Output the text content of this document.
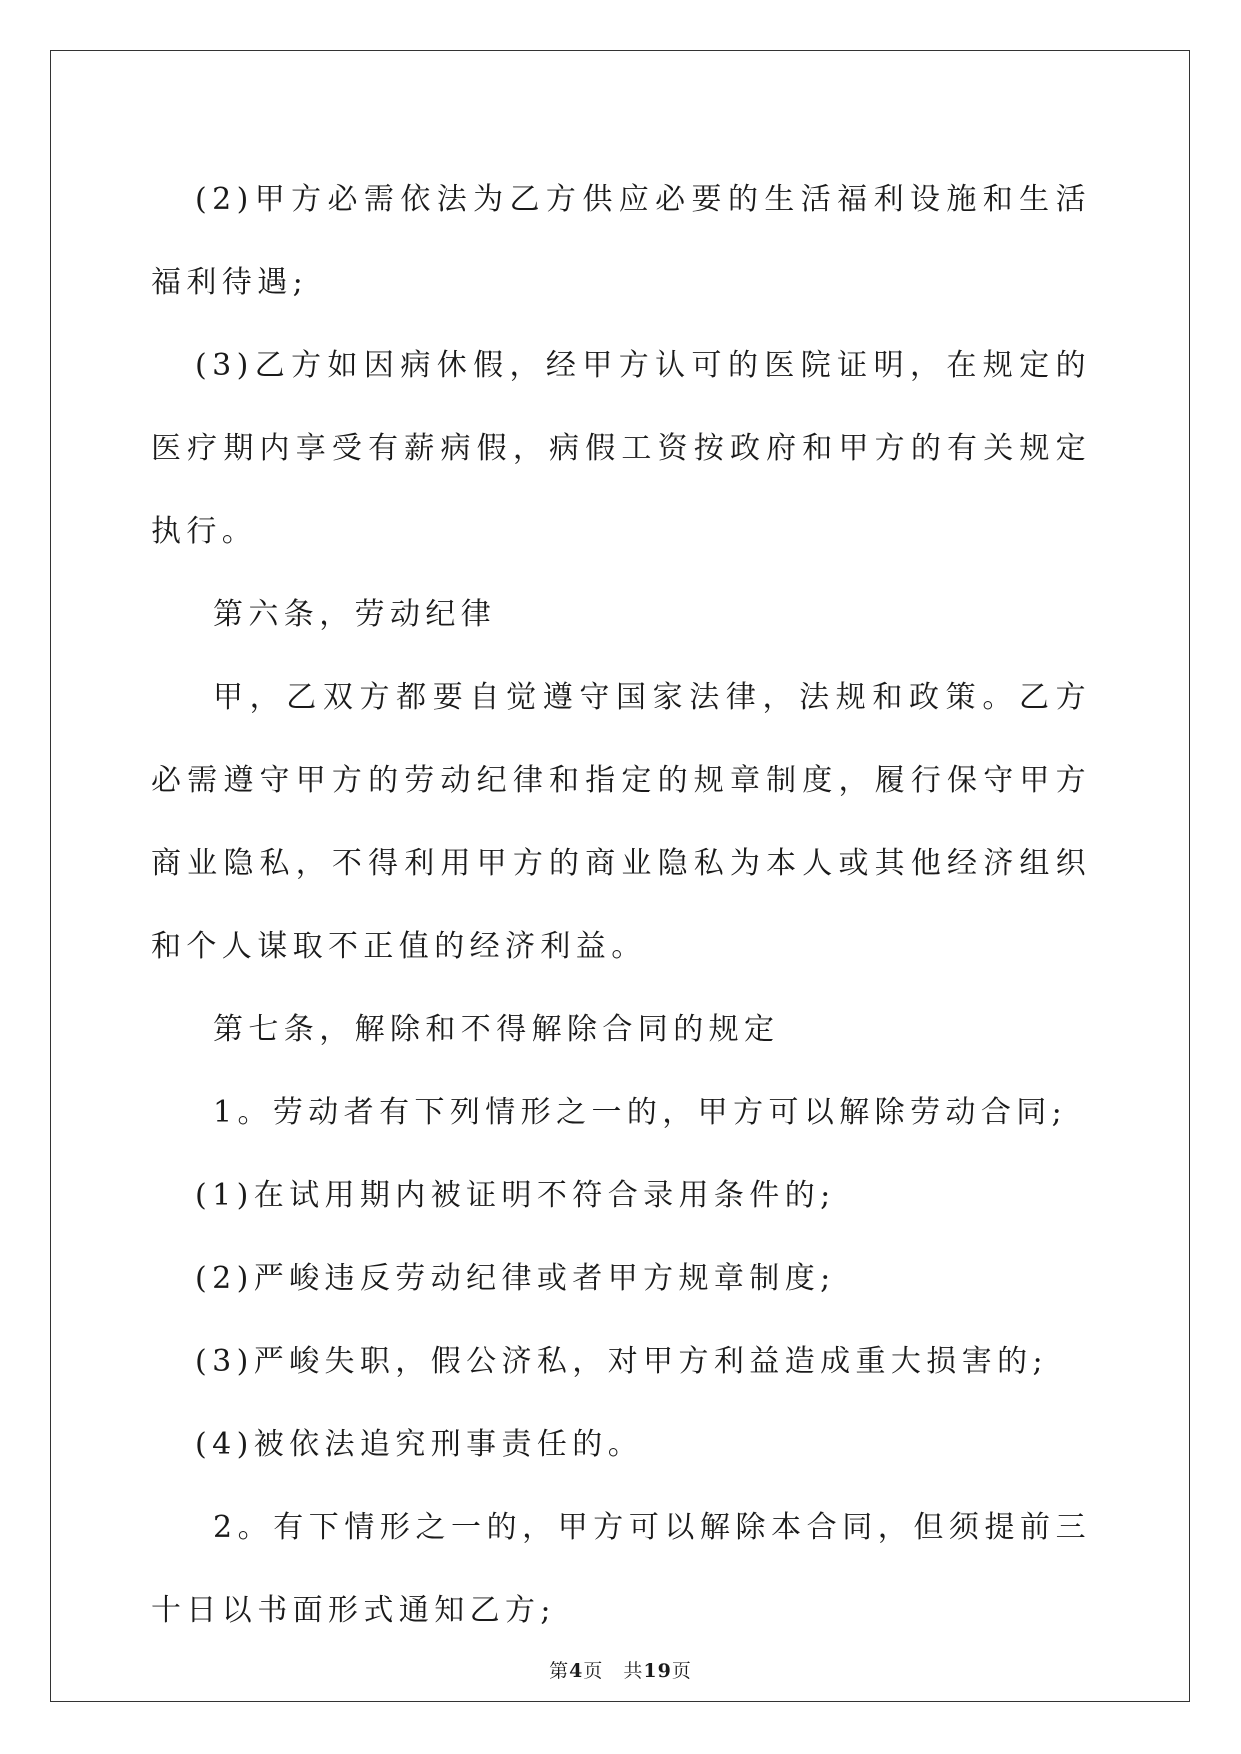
(2)甲方必需依法为乙方供应必要的生活福利设施和生活福利待遇;

(3)乙方如因病休假，经甲方认可的医院证明，在规定的医疗期内享受有薪病假，病假工资按政府和甲方的有关规定执行。

第六条，劳动纪律

甲，乙双方都要自觉遵守国家法律，法规和政策。乙方必需遵守甲方的劳动纪律和指定的规章制度，履行保守甲方商业隐私，不得利用甲方的商业隐私为本人或其他经济组织和个人谋取不正值的经济利益。

第七条，解除和不得解除合同的规定

1。劳动者有下列情形之一的，甲方可以解除劳动合同;

(1)在试用期内被证明不符合录用条件的;

(2)严峻违反劳动纪律或者甲方规章制度;

(3)严峻失职，假公济私，对甲方利益造成重大损害的;

(4)被依法追究刑事责任的。

2。有下情形之一的，甲方可以解除本合同，但须提前三十日以书面形式通知乙方;

第4页 共19页
